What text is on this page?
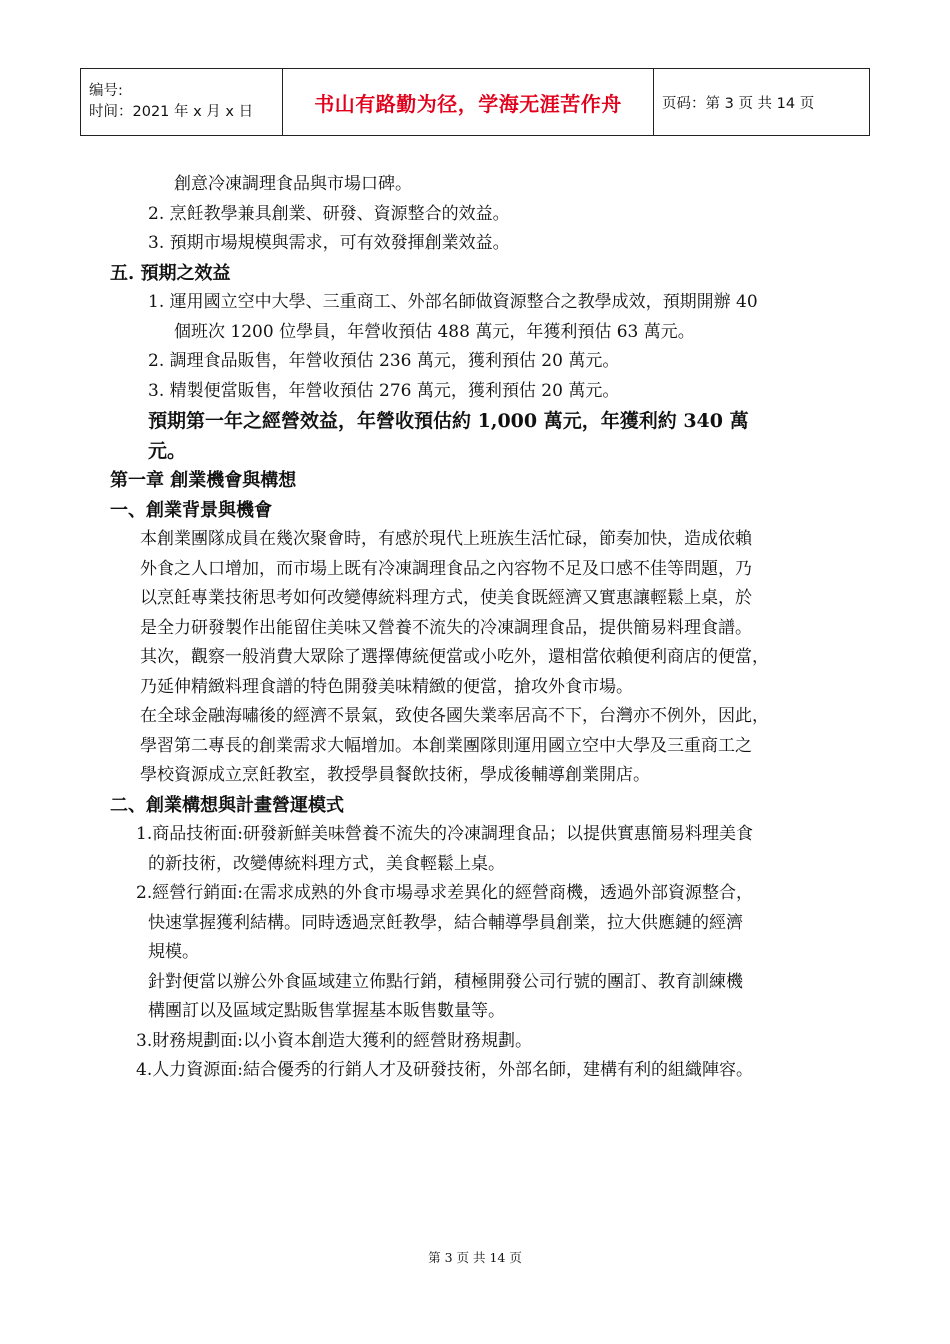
编号:
时间：2021 年 x 月 x 日	书山有路勤为径，学海无涯苦作舟	页码：第 3 页 共 14 页
創意冷凍調理食品與市場口碑。
2. 烹飪教學兼具創業、研發、資源整合的效益。
3. 預期市場規模與需求，可有效發揮創業效益。
五. 預期之效益
1. 運用國立空中大學、三重商工、外部名師做資源整合之教學成效，預期開辦 40
個班次 1200 位學員，年營收預估 488 萬元，年獲利預估 63 萬元。
2. 調理食品販售，年營收預估 236 萬元，獲利預估 20 萬元。
3. 精製便當販售，年營收預估 276 萬元，獲利預估 20 萬元。
預期第一年之經營效益，年營收預估約 1,000 萬元，年獲利約 340 萬
元。
第一章 創業機會與構想
一、創業背景與機會
本創業團隊成員在幾次聚會時，有感於現代上班族生活忙碌，節奏加快，造成依賴
外食之人口增加，而市場上既有冷凍調理食品之內容物不足及口感不佳等問題，乃
以烹飪專業技術思考如何改變傳統料理方式，使美食既經濟又實惠讓輕鬆上桌，於
是全力研發製作出能留住美味又營養不流失的冷凍調理食品，提供簡易料理食譜。
其次，觀察一般消費大眾除了選擇傳統便當或小吃外，還相當依賴便利商店的便當，
乃延伸精緻料理食譜的特色開發美味精緻的便當，搶攻外食市場。
在全球金融海嘯後的經濟不景氣，致使各國失業率居高不下，台灣亦不例外，因此，
學習第二專長的創業需求大幅增加。本創業團隊則運用國立空中大學及三重商工之
學校資源成立烹飪教室，教授學員餐飲技術，學成後輔導創業開店。
二、創業構想與計畫營運模式
1.商品技術面:研發新鮮美味營養不流失的冷凍調理食品；以提供實惠簡易料理美食
的新技術，改變傳統料理方式，美食輕鬆上桌。
2.經營行銷面:在需求成熟的外食市場尋求差異化的經營商機，透過外部資源整合，
快速掌握獲利結構。同時透過烹飪教學，結合輔導學員創業，拉大供應鏈的經濟
規模。
針對便當以辦公外食區域建立佈點行銷，積極開發公司行號的團訂、教育訓練機
構團訂以及區域定點販售掌握基本販售數量等。
3.財務規劃面:以小資本創造大獲利的經營財務規劃。
4.人力資源面:結合優秀的行銷人才及研發技術，外部名師，建構有利的組織陣容。
第 3 页 共 14 页
